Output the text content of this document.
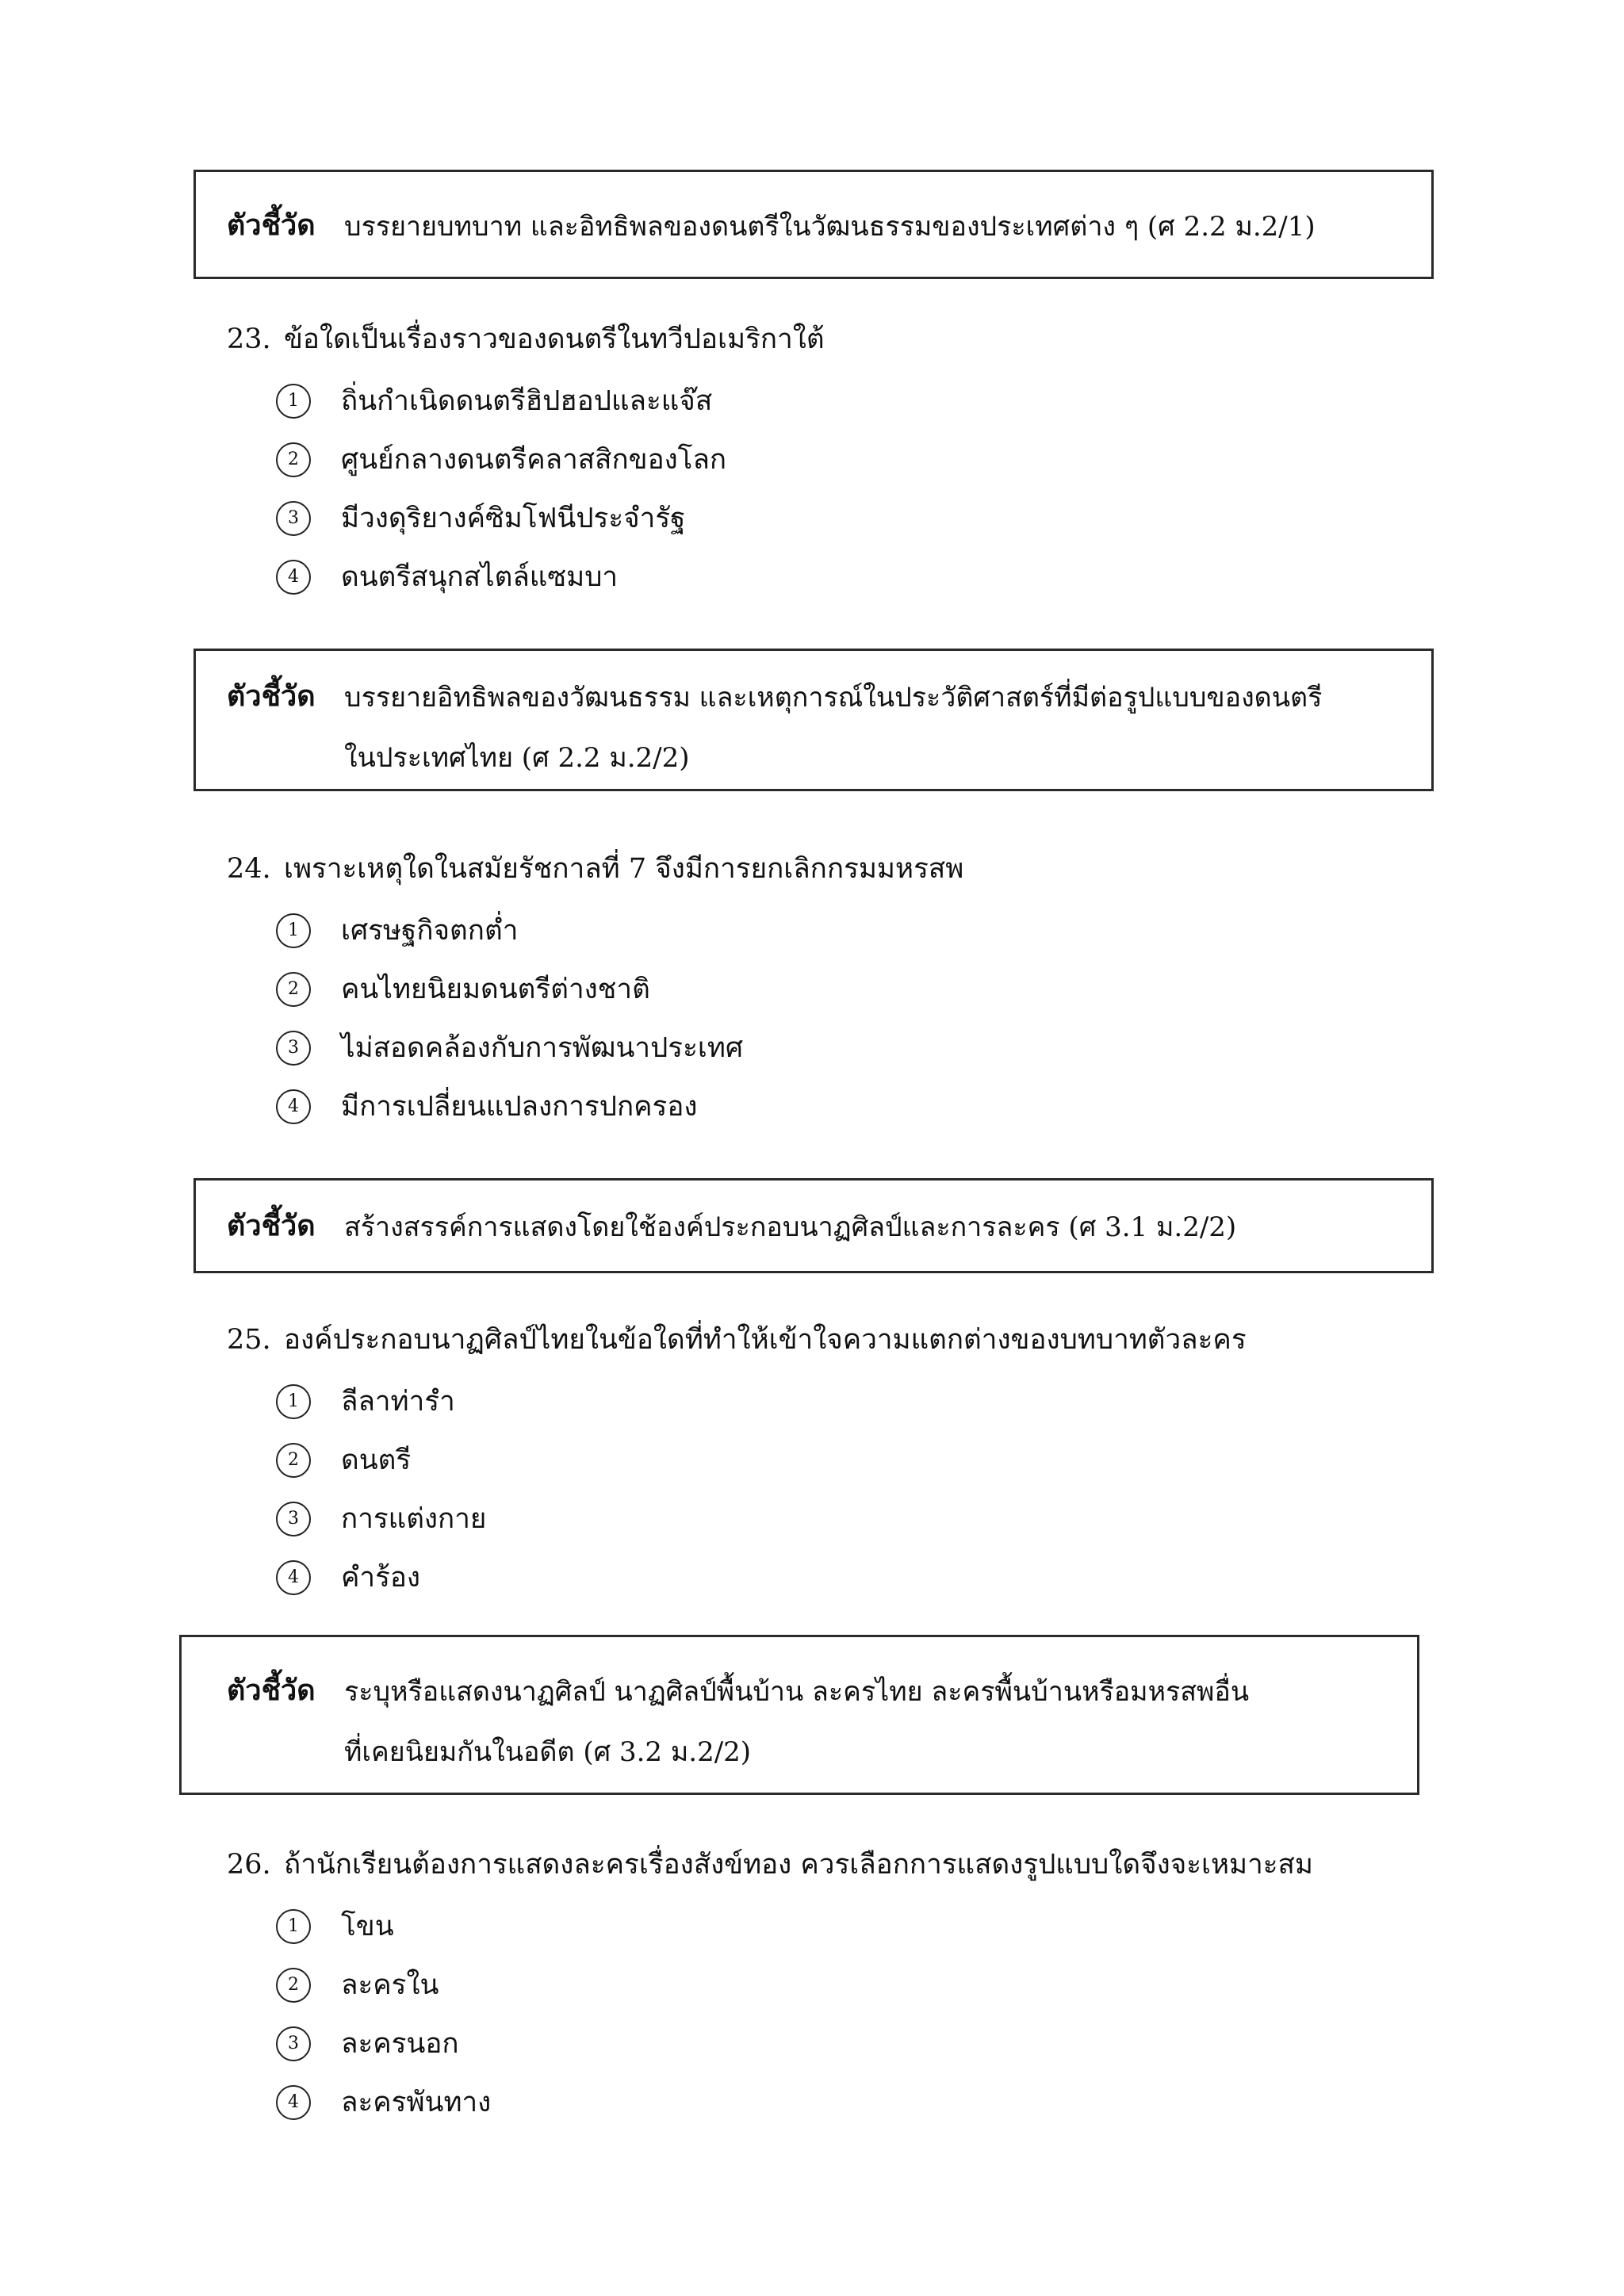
ตัวชี้วัด บรรยายบทบาท และอิทธิพลของดนตรีในวัฒนธรรมของประเทศต่าง ๆ (ศ 2.2 ม.2/1)
23. ข้อใดเป็นเรื่องราวของดนตรีในทวีปอเมริกาใต้
1	ถิ่นกำเนิดดนตรีฮิปฮอปและแจ๊ส
2	ศูนย์กลางดนตรีคลาสสิกของโลก
3	มีวงดุริยางค์ซิมโฟนีประจำรัฐ
4	ดนตรีสนุกสไตล์แซมบา
ตัวชี้วัด บรรยายอิทธิพลของวัฒนธรรม และเหตุการณ์ในประวัติศาสตร์ที่มีต่อรูปแบบของดนตรี
ในประเทศไทย (ศ 2.2 ม.2/2)
24. เพราะเหตุใดในสมัยรัชกาลที่ 7 จึงมีการยกเลิกกรมมหรสพ
1	เศรษฐกิจตกต่ำ
2	คนไทยนิยมดนตรีต่างชาติ
3	ไม่สอดคล้องกับการพัฒนาประเทศ
4	มีการเปลี่ยนแปลงการปกครอง
ตัวชี้วัด สร้างสรรค์การแสดงโดยใช้องค์ประกอบนาฏศิลป์และการละคร (ศ 3.1 ม.2/2)
25. องค์ประกอบนาฏศิลป์ไทยในข้อใดที่ทำให้เข้าใจความแตกต่างของบทบาทตัวละคร
1	ลีลาท่ารำ
2	ดนตรี
3	การแต่งกาย
4	คำร้อง
ตัวชี้วัด ระบุหรือแสดงนาฏศิลป์ นาฏศิลป์พื้นบ้าน ละครไทย ละครพื้นบ้านหรือมหรสพอื่น
ที่เคยนิยมกันในอดีต (ศ 3.2 ม.2/2)
26. ถ้านักเรียนต้องการแสดงละครเรื่องสังข์ทอง ควรเลือกการแสดงรูปแบบใดจึงจะเหมาะสม
1	โขน
2	ละครใน
3	ละครนอก
4	ละครพันทาง
